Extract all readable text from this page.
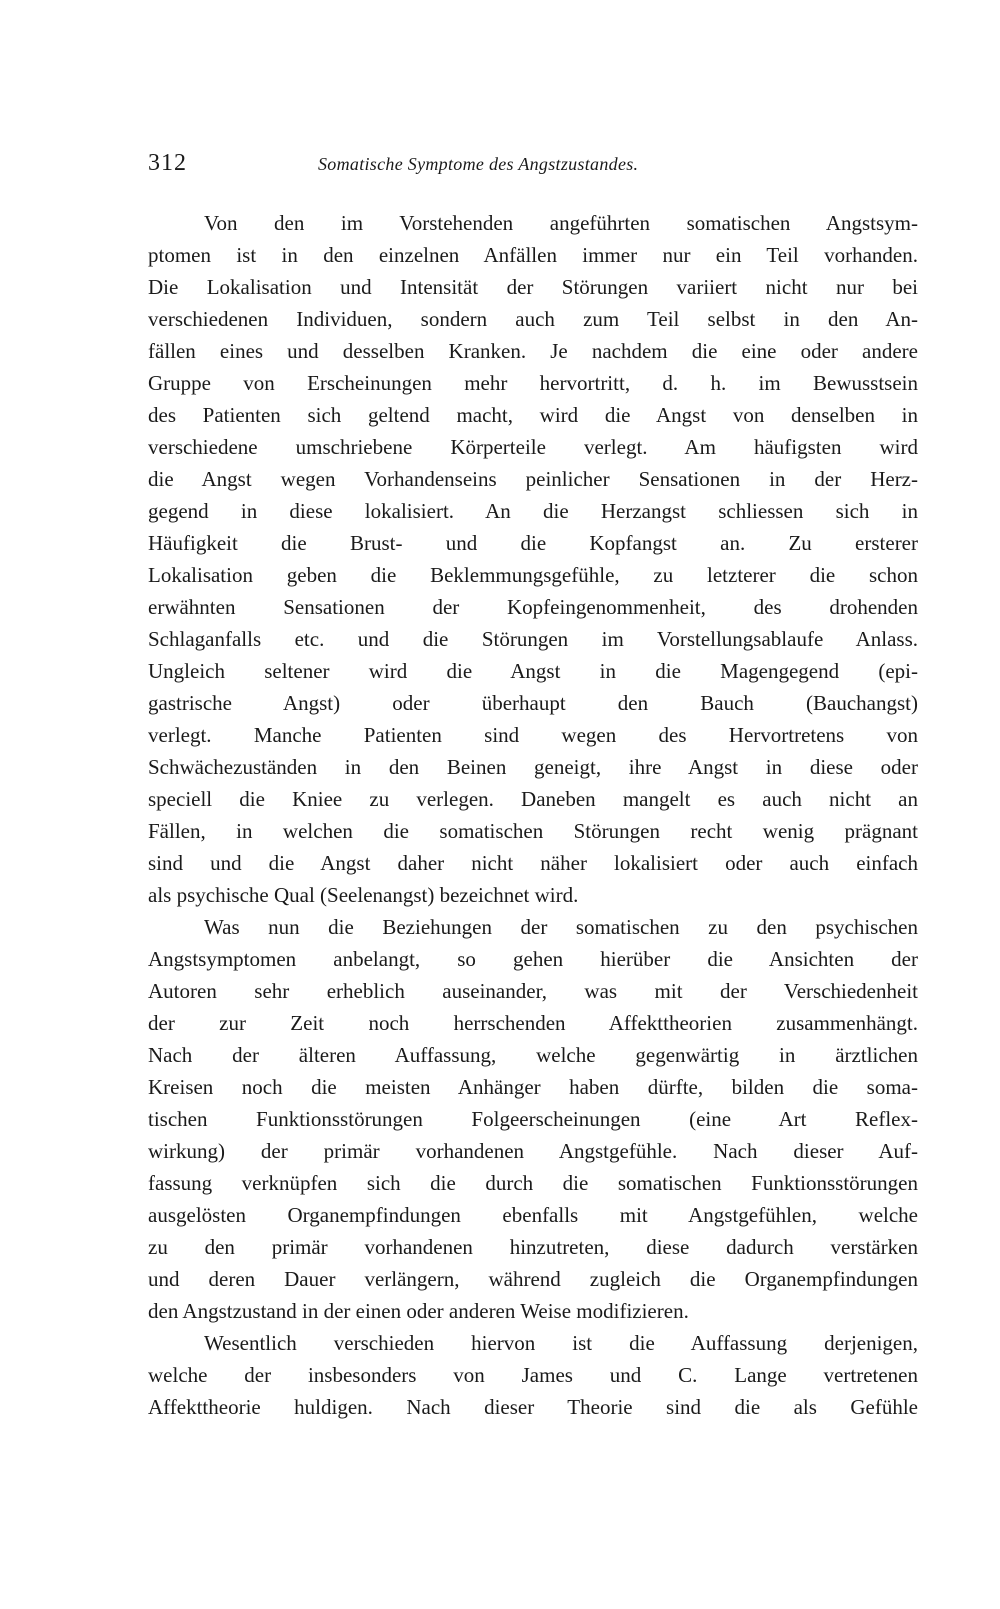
312	Somatische Symptome des Angstzustandes.
Von den im Vorstehenden angeführten somatischen Angstsym-
ptomen ist in den einzelnen Anfällen immer nur ein Teil vorhanden.
Die Lokalisation und Intensität der Störungen variiert nicht nur bei
verschiedenen Individuen, sondern auch zum Teil selbst in den An-
fällen eines und desselben Kranken. Je nachdem die eine oder andere
Gruppe von Erscheinungen mehr hervortritt, d. h. im Bewusstsein
des Patienten sich geltend macht, wird die Angst von denselben in
verschiedene umschriebene Körperteile verlegt. Am häufigsten wird
die Angst wegen Vorhandenseins peinlicher Sensationen in der Herz-
gegend in diese lokalisiert. An die Herzangst schliessen sich in
Häufigkeit die Brust- und die Kopfangst an. Zu ersterer
Lokalisation geben die Beklemmungsgefühle, zu letzterer die schon
erwähnten Sensationen der Kopfeingenommenheit, des drohenden
Schlaganfalls etc. und die Störungen im Vorstellungsablaufe Anlass.
Ungleich seltener wird die Angst in die Magengegend (epi-
gastrische Angst) oder überhaupt den Bauch (Bauchangst)
verlegt. Manche Patienten sind wegen des Hervortretens von
Schwächezuständen in den Beinen geneigt, ihre Angst in diese oder
speciell die Kniee zu verlegen. Daneben mangelt es auch nicht an
Fällen, in welchen die somatischen Störungen recht wenig prägnant
sind und die Angst daher nicht näher lokalisiert oder auch einfach
als psychische Qual (Seelenangst) bezeichnet wird.
Was nun die Beziehungen der somatischen zu den psychischen
Angstsymptomen anbelangt, so gehen hierüber die Ansichten der
Autoren sehr erheblich auseinander, was mit der Verschiedenheit
der zur Zeit noch herrschenden Affekttheorien zusammenhängt.
Nach der älteren Auffassung, welche gegenwärtig in ärztlichen
Kreisen noch die meisten Anhänger haben dürfte, bilden die soma-
tischen Funktionsstörungen Folgeerscheinungen (eine Art Reflex-
wirkung) der primär vorhandenen Angstgefühle. Nach dieser Auf-
fassung verknüpfen sich die durch die somatischen Funktionsstörungen
ausgelösten Organempfindungen ebenfalls mit Angstgefühlen, welche
zu den primär vorhandenen hinzutreten, diese dadurch verstärken
und deren Dauer verlängern, während zugleich die Organempfindungen
den Angstzustand in der einen oder anderen Weise modifizieren.
Wesentlich verschieden hiervon ist die Auffassung derjenigen,
welche der insbesonders von James und C. Lange vertretenen
Affekttheorie huldigen. Nach dieser Theorie sind die als Gefühle
